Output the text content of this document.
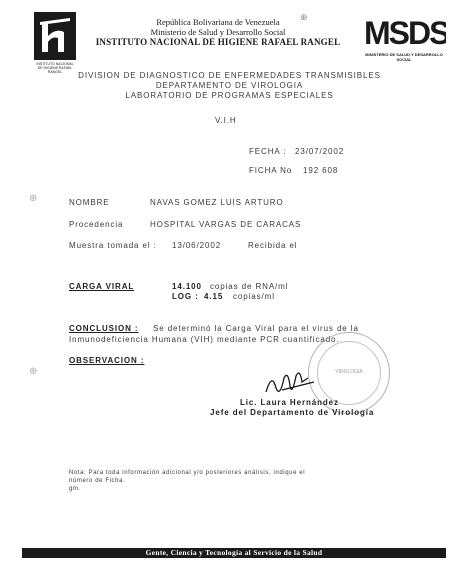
INSTITUTO NACIONAL DE HIGIENE RAFAEL RANGEL
República Bolivariana de Venezuela
Ministerio de Salud y Desarrollo Social
INSTITUTO NACIONAL DE HIGIENE RAFAEL RANGEL
⊕ MSDS
MINISTERIO DE SALUD Y DESARROLLO SOCIAL
DIVISION DE DIAGNOSTICO DE ENFERMEDADES TRANSMISIBLES
DEPARTAMENTO DE VIROLOGIA
LABORATORIO DE PROGRAMAS ESPECIALES
V.I.H
FECHA : 23/07/2002
FICHA No 192 608
⊕	NOMBRE	NAVAS GOMEZ LUIS ARTURO
Procedencia	HOSPITAL VARGAS DE CARACAS
Muestra tomada el : 13/06/2002	Recibida el
CARGA VIRAL	14.100 copias de RNA/ml
LOG : 4.15 copias/ml
CONCLUSION : Se determinó la Carga Viral para el virus de la
Inmunodeficiencia Humana (VIH) mediante PCR cuantificado.
OBSERVACION :
⊕	VIROLOGIA
Lic. Laura Hernández
Jefe del Departamento de Virología
Nota: Para toda información adicional y/o posteriores análisis, indique el
número de Ficha.
gm.
Gente, Ciencia y Tecnología al Servicio de la Salud
